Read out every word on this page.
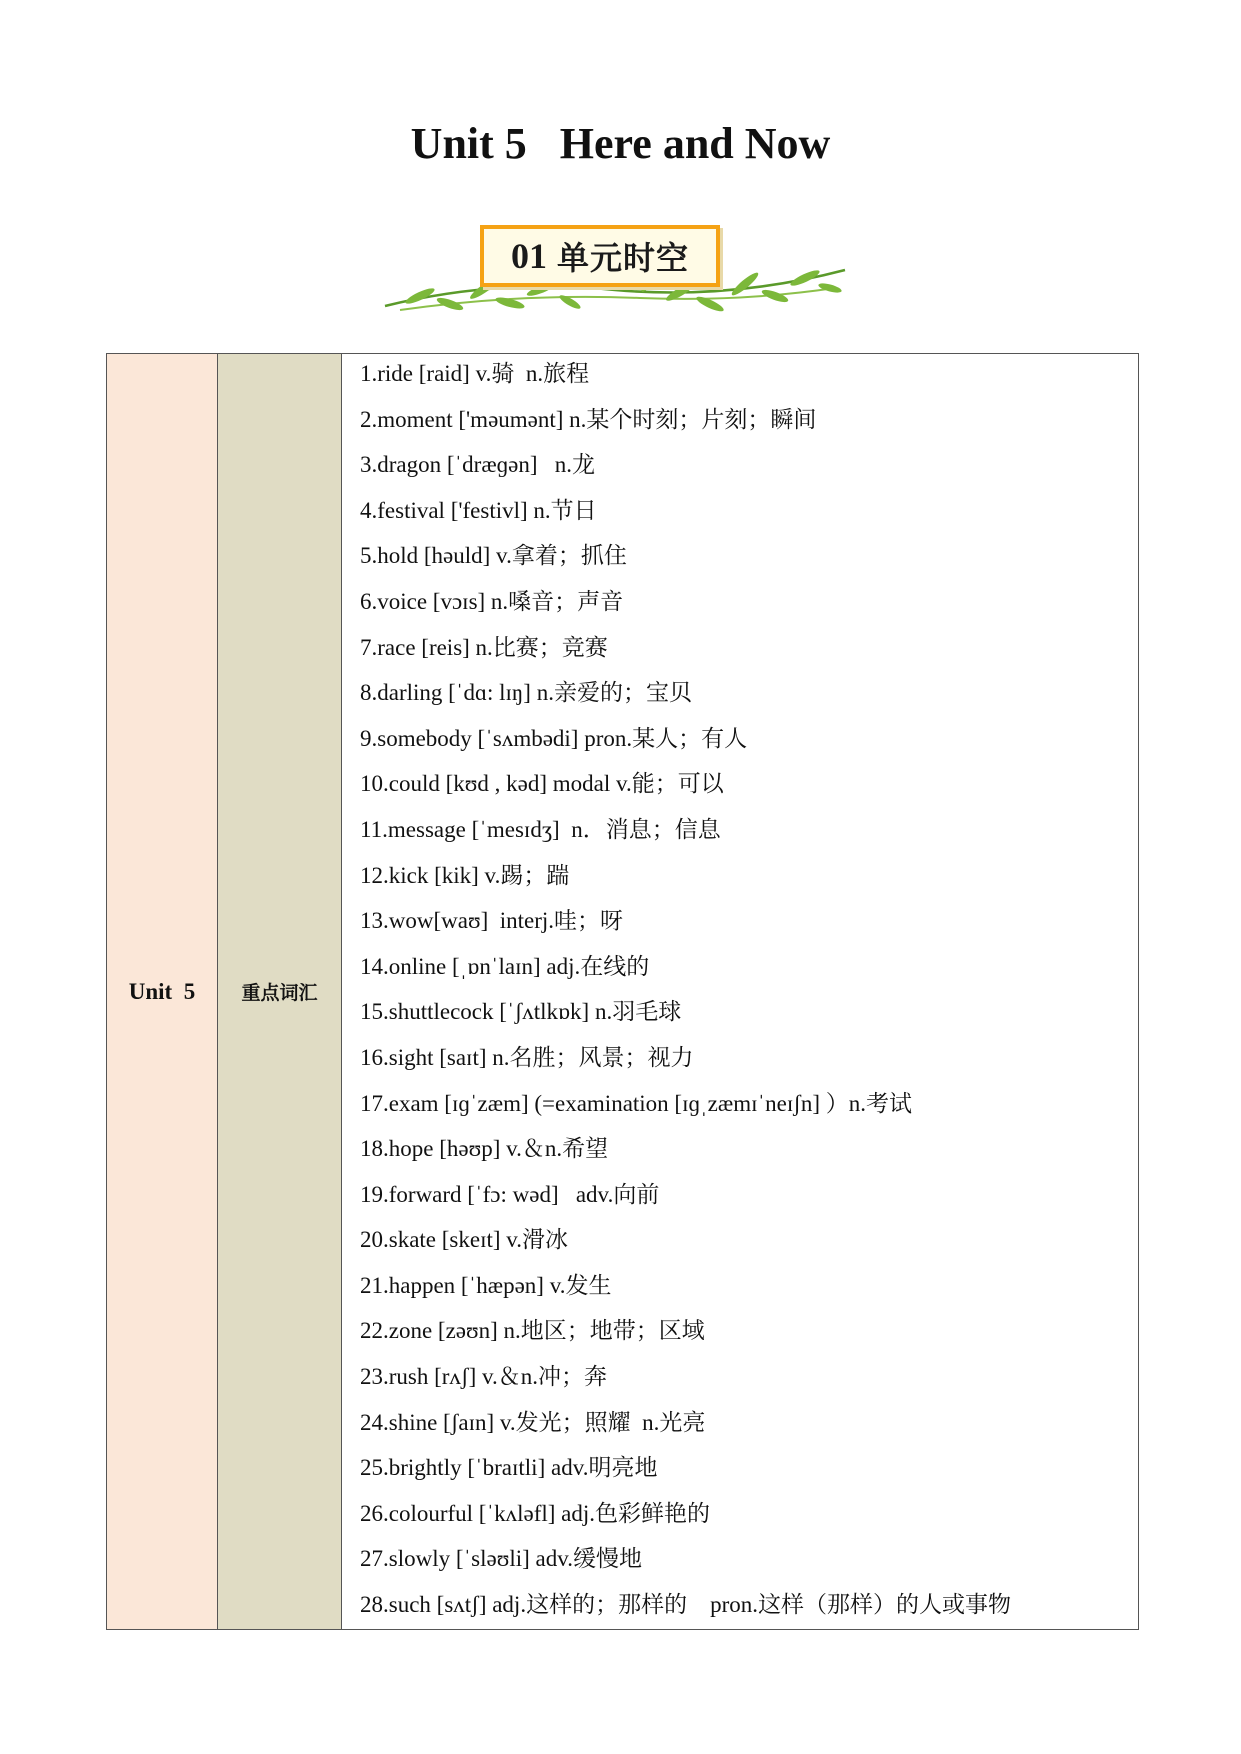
Unit 5   Here and Now
01 单元时空
Unit  5	重点词汇
1.ride [raid] v.骑  n.旅程
2.moment ['məumənt] n.某个时刻；片刻；瞬间
3.dragon [ˈdræɡən]   n.龙
4.festival ['festivl] n.节日
5.hold [həuld] v.拿着；抓住
6.voice [vɔɪs] n.嗓音；声音
7.race [reis] n.比赛；竞赛
8.darling [ˈdɑ: lɪŋ] n.亲爱的；宝贝
9.somebody [ˈsʌmbədi] pron.某人；有人
10.could [kʊd , kəd] modal v.能；可以
11.message [ˈmesɪdʒ]  n．消息；信息
12.kick [kik] v.踢；踹
13.wow[waʊ]  interj.哇；呀
14.online [ˌɒnˈlaɪn] adj.在线的
15.shuttlecock [ˈʃʌtlkɒk] n.羽毛球
16.sight [saɪt] n.名胜；风景；视力
17.exam [ɪɡˈzæm] (=examination [ɪɡˌzæmɪˈneɪʃn] ）n.考试
18.hope [həʊp] v.＆n.希望
19.forward [ˈfɔ: wəd]   adv.向前
20.skate [skeɪt] v.滑冰
21.happen [ˈhæpən] v.发生
22.zone [zəʊn] n.地区；地带；区域
23.rush [rʌʃ] v.＆n.冲；奔
24.shine [ʃaɪn] v.发光；照耀  n.光亮
25.brightly [ˈbraɪtli] adv.明亮地
26.colourful [ˈkʌləfl] adj.色彩鲜艳的
27.slowly [ˈsləʊli] adv.缓慢地
28.such [sʌtʃ] adj.这样的；那样的    pron.这样（那样）的人或事物
